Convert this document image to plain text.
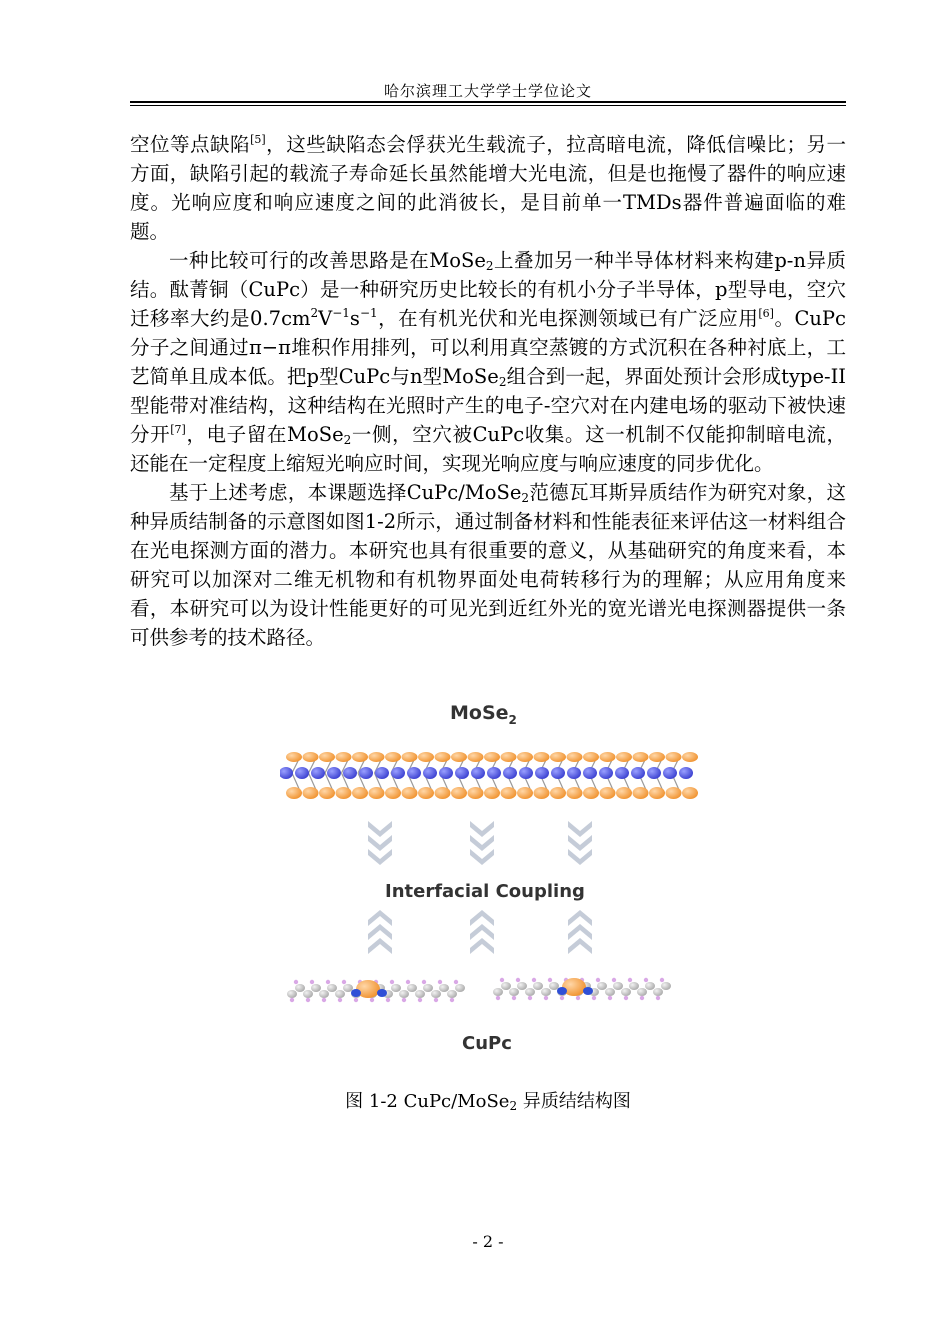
哈尔滨理工大学学士学位论文

空位等点缺陷[5]，这些缺陷态会俘获光生载流子，拉高暗电流，降低信噪比；另一方面，缺陷引起的载流子寿命延长虽然能增大光电流，但是也拖慢了器件的响应速度。光响应度和响应速度之间的此消彼长，是目前单一TMDs器件普遍面临的难题。

一种比较可行的改善思路是在MoSe$_2$上叠加另一种半导体材料来构建p-n异质结。酞菁铜（CuPc）是一种研究历史比较长的有机小分子半导体，p型导电，空穴迁移率大约是$0.7cm^2V^{-1}s^{-1}$，在有机光伏和光电探测领域已有广泛应用[6]。CuPc分子之间通过π−π堆积作用排列，可以利用真空蒸镀的方式沉积在各种衬底上，工艺简单且成本低。把p型CuPc与n型MoSe$_2$组合到一起，界面处预计会形成type-II型能带对准结构，这种结构在光照时产生的电子-空穴对在内建电场的驱动下被快速分开[7]，电子留在MoSe$_2$一侧，空穴被CuPc收集。这一机制不仅能抑制暗电流，还能在一定程度上缩短光响应时间，实现光响应度与响应速度的同步优化。

基于上述考虑，本课题选择CuPc/MoSe$_2$范德瓦耳斯异质结作为研究对象，这种异质结制备的示意图如图1-2所示，通过制备材料和性能表征来评估这一材料组合在光电探测方面的潜力。本研究也具有很重要的意义，从基础研究的角度来看，本研究可以加深对二维无机物和有机物界面处电荷转移行为的理解；从应用角度来看，本研究可以为设计性能更好的可见光到近红外光的宽光谱光电探测器提供一条可供参考的技术路径。

MoSe$_2$
Interfacial Coupling
CuPc
图 1-2 CuPc/MoSe$_2$ 异质结结构图
- 2 -
